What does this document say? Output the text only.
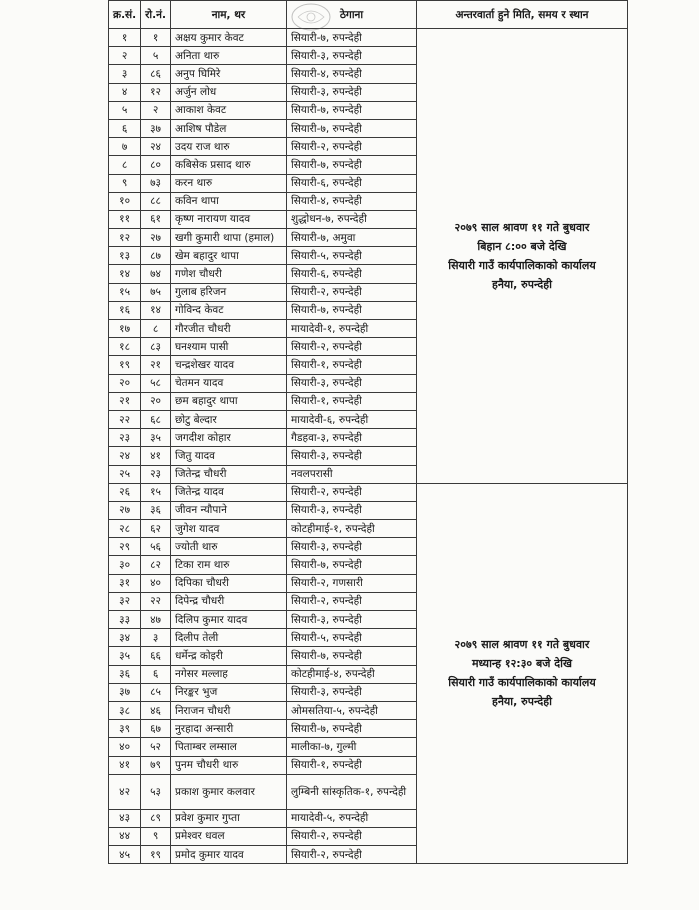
क्र.सं.	रो.नं.	नाम, थर	ठेगाना	अन्तरवार्ता हुने मिति, समय र स्थान
१	१	अक्षय कुमार केवट	सियारी-७, रुपन्देही	२०७९ साल श्रावण ११ गते बुधवार
बिहान ८:०० बजे देखि
सियारी गाउँ कार्यपालिकाको कार्यालय
हनैया, रुपन्देही

२	५	अनिता थारु	सियारी-३, रुपन्देही	
३	८६	अनुप घिमिरे	सियारी-४, रुपन्देही	
४	१२	अर्जुन लोध	सियारी-३, रुपन्देही	
५	२	आकाश केवट	सियारी-७, रुपन्देही	
६	३७	आशिष पौडेल	सियारी-७, रुपन्देही	
७	२४	उदय राज थारु	सियारी-२, रुपन्देही	
८	८०	कबिसेक प्रसाद थारु	सियारी-७, रुपन्देही	
९	७३	करन थारु	सियारी-६, रुपन्देही	
१०	८८	कविन थापा	सियारी-४, रुपन्देही	
११	६१	कृष्ण नारायण यादव	शुद्धोधन-७, रुपन्देही	
१२	२७	खगी कुमारी थापा (हमाल)	सियारी-७, अमुवा	
१३	८७	खेम बहादुर थापा	सियारी-५, रुपन्देही	
१४	७४	गणेश चौधरी	सियारी-६, रुपन्देही	
१५	७५	गुलाब हरिजन	सियारी-२, रुपन्देही	
१६	१४	गोविन्द केवट	सियारी-७, रुपन्देही	
१७	८	गौरजीत चौधरी	मायादेवी-१, रुपन्देही	
१८	८३	घनश्याम पासी	सियारी-२, रुपन्देही	
१९	२१	चन्द्रशेखर यादव	सियारी-१, रुपन्देही	
२०	५८	चेतमन यादव	सियारी-३, रुपन्देही	
२१	२०	छम बहादुर थापा	सियारी-१, रुपन्देही	
२२	६८	छोटु बेल्दार	मायादेवी-६, रुपन्देही	
२३	३५	जगदीश कोहार	गैडहवा-३, रुपन्देही	
२४	४१	जितु यादव	सियारी-३, रुपन्देही	
२५	२३	जितेन्द्र चौधरी	नवलपरासी	
२६	१५	जितेन्द्र यादव	सियारी-२, रुपन्देही	२०७९ साल श्रावण ११ गते बुधवार
मध्यान्ह १२:३० बजे देखि
सियारी गाउँ कार्यपालिकाको कार्यालय
हनैया, रुपन्देही

२७	३६	जीवन न्यौपाने	सियारी-३, रुपन्देही	
२८	६२	जुगेश यादव	कोटहीमाई-१, रुपन्देही	
२९	५६	ज्योती थारु	सियारी-३, रुपन्देही	
३०	८२	टिका राम थारु	सियारी-७, रुपन्देही	
३१	४०	दिपिका चौधरी	सियारी-२, गणसारी	
३२	२२	दिपेन्द्र चौधरी	सियारी-२, रुपन्देही	
३३	४७	दिलिप कुमार यादव	सियारी-३, रुपन्देही	
३४	३	दिलीप तेली	सियारी-५, रुपन्देही	
३५	६६	धर्मेन्द्र कोइरी	सियारी-७, रुपन्देही	
३६	६	नगेसर मल्लाह	कोटहीमाई-४, रुपन्देही	
३७	८५	निरङ्कर भुज	सियारी-३, रुपन्देही	
३८	४६	निराजन चौधरी	ओमसतिया-५, रुपन्देही	
३९	६७	नुरहादा अन्सारी	सियारी-७, रुपन्देही	
४०	५२	पिताम्बर लम्साल	मालीका-७, गुल्मी	
४१	७९	पुनम चौधरी थारु	सियारी-१, रुपन्देही	
४२	५३	प्रकाश कुमार कलवार	लुम्बिनी सांस्कृतिक-१, रुपन्देही	
४३	८९	प्रवेश कुमार गुप्ता	मायादेवी-५, रुपन्देही	
४४	९	प्रमेश्वर धवल	सियारी-२, रुपन्देही	
४५	१९	प्रमोद कुमार यादव	सियारी-२, रुपन्देही	
